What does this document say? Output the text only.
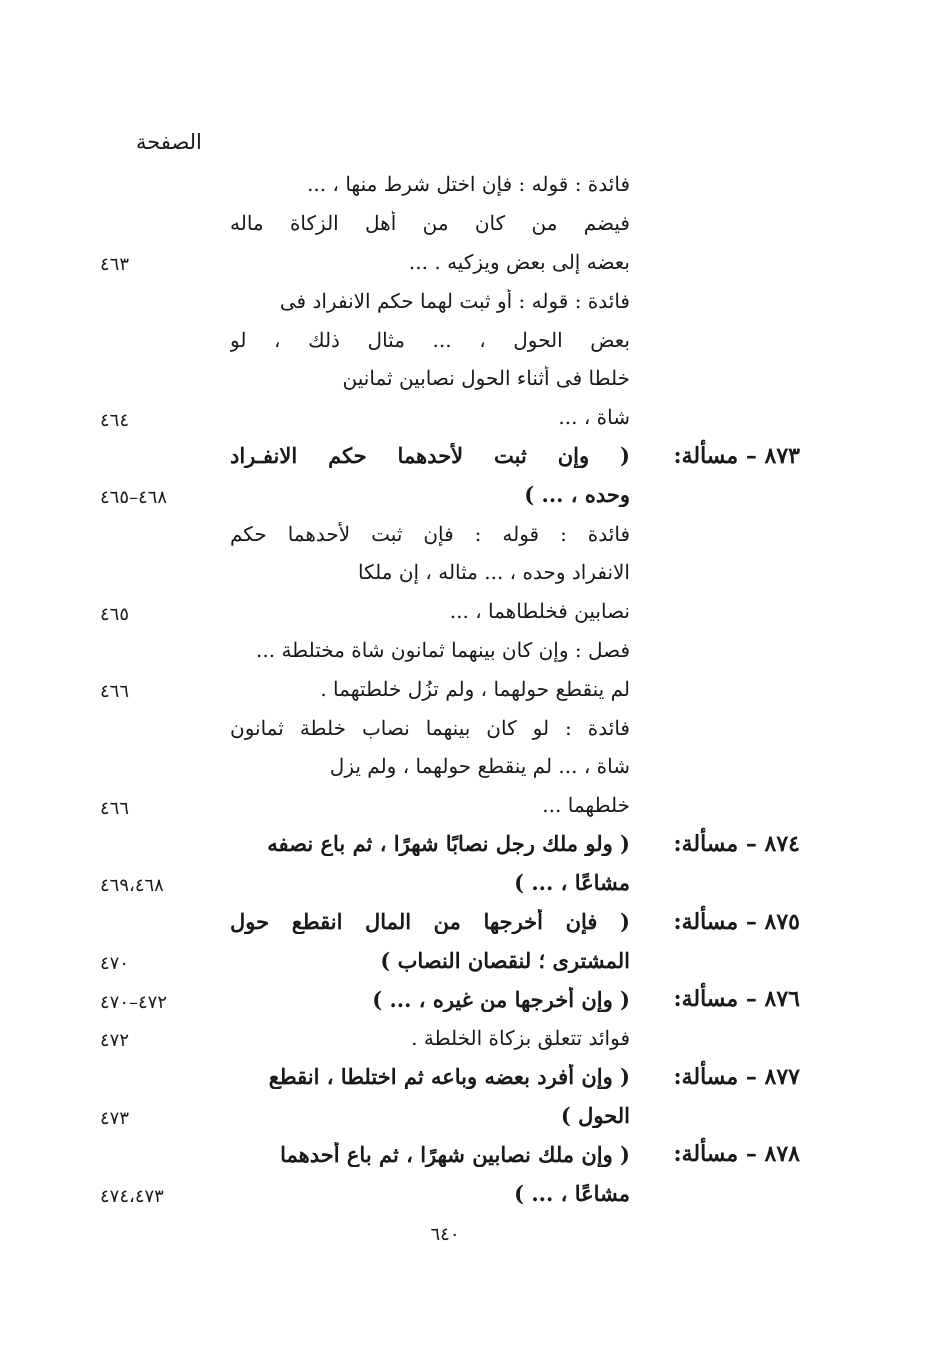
الصفحة
فائدة : قوله : فإن اختل شرط منها ، ...
فيضم من كان من أهل الزكاة ماله
٤٦٣	بعضه إلى بعض ويزكيه . ...
فائدة : قوله : أو ثبت لهما حكم الانفراد فى
بعض الحول ، ... مثال ذلك ، لو
خلطا فى أثناء الحول نصابين ثمانين
٤٦٤	شاة ، ...
( وإن ثبت لأحدهما حكم الانفـراد	٨٧٣ – مسألة:
٤٦٨–٤٦٥	وحده ، ... )
فائدة : قوله : فإن ثبت لأحدهما حكم
الانفراد وحده ، ... مثاله ، إن ملكا
٤٦٥	نصابين فخلطاهما ، ...
فصل : وإن كان بينهما ثمانون شاة مختلطة ...
٤٦٦	لم ينقطع حولهما ، ولم تزُل خلطتهما .
فائدة : لو كان بينهما نصاب خلطة ثمانون
شاة ، ... لم ينقطع حولهما ، ولم يزل
٤٦٦	خلطهما ...
( ولو ملك رجل نصابًا شهرًا ، ثم باع نصفه	٨٧٤ – مسألة:
٤٦٩،٤٦٨	مشاعًا ، ... )
( فإن أخرجها من المال انقطع حول	٨٧٥ – مسألة:
٤٧٠	المشترى ؛ لنقصان النصاب )
٤٧٢–٤٧٠	( وإن أخرجها من غيره ، ... )	٨٧٦ – مسألة:
٤٧٢	فوائد تتعلق بزكاة الخلطة .
( وإن أفرد بعضه وباعه ثم اختلطا ، انقطع	٨٧٧ – مسألة:
٤٧٣	الحول )
( وإن ملك نصابين شهرًا ، ثم باع أحدهما	٨٧٨ – مسألة:
٤٧٤،٤٧٣	مشاعًا ، ... )
٦٤٠
